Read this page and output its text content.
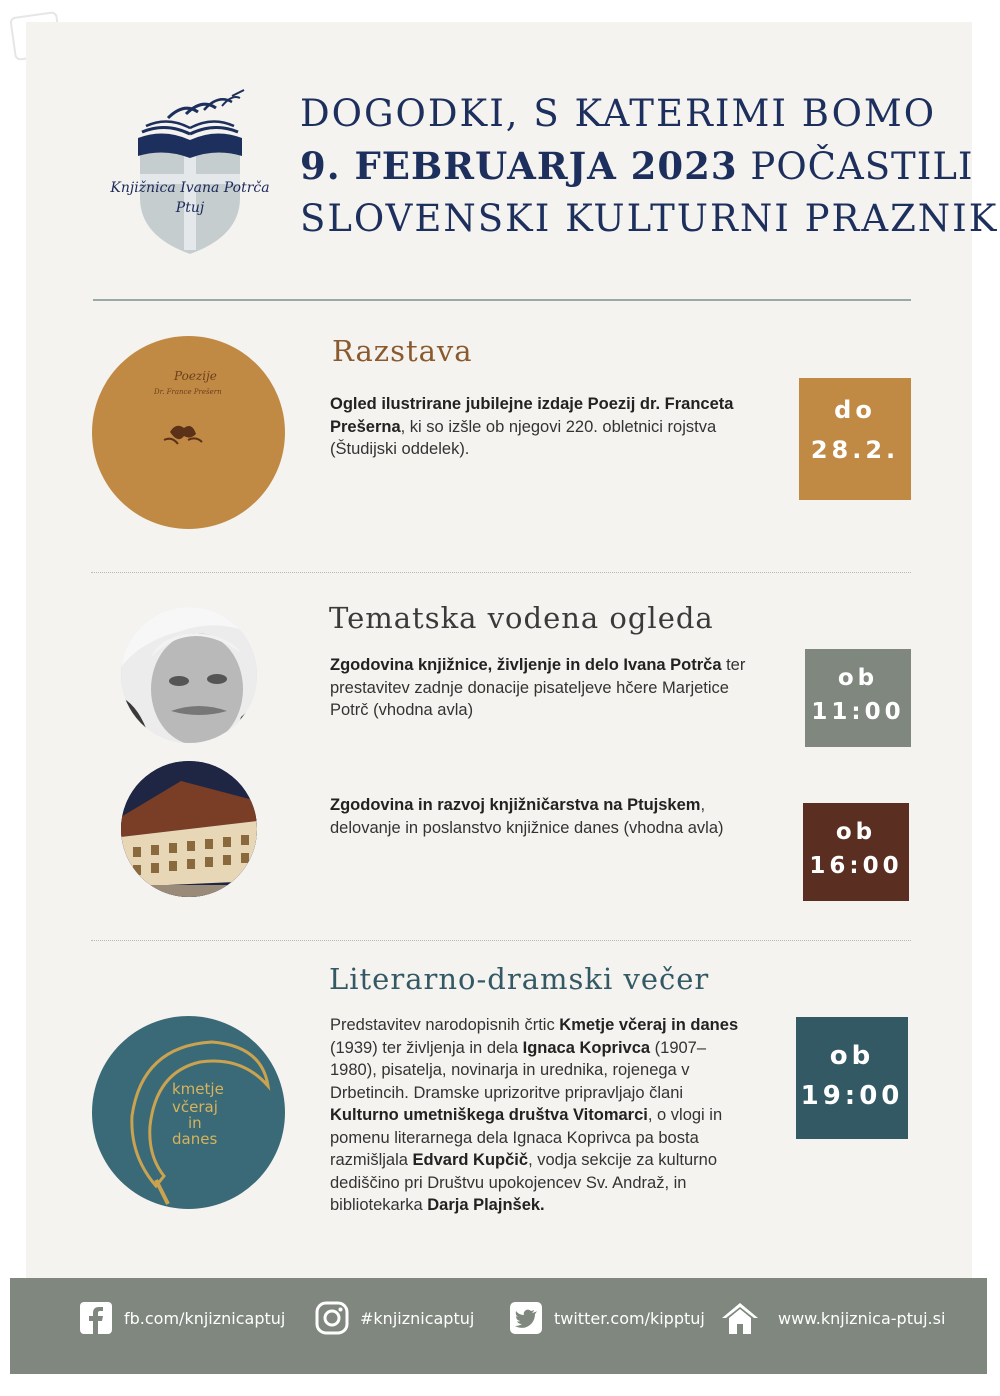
Knjižnica Ivana Potrča
Ptuj
DOGODKI, S KATERIMI BOMO
9. FEBRUARJA 2023 POČASTILI
SLOVENSKI KULTURNI PRAZNIK
Poezije
Dr. France Prešern
Razstava
Ogled ilustrirane jubilejne izdaje Poezij dr. Franceta Prešerna, ki so izšle ob njegovi 220. obletnici rojstva (Študijski oddelek).
do
28.2.
Tematska vodena ogleda
Zgodovina knjižnice, življenje in delo Ivana Potrča ter prestavitev zadnje donacije pisateljeve hčere Marjetice Potrč (vhodna avla)
ob
11:00
Zgodovina in razvoj knjižničarstva na Ptujskem, delovanje in poslanstvo knjižnice danes (vhodna avla)	ob
16:00
Literarno-dramski večer
kmetje
včeraj
in
danes
Predstavitev narodopisnih črtic Kmetje včeraj in danes (1939) ter življenja in dela Ignaca Koprivca (1907–1980), pisatelja, novinarja in urednika, rojenega v Drbetincih. Dramske uprizoritve pripravljajo člani Kulturno umetniškega društva Vitomarci, o vlogi in pomenu literarnega dela Ignaca Koprivca pa bosta razmišljala Edvard Kupčič, vodja sekcije za kulturno dediščino pri Društvu upokojencev Sv. Andraž, in bibliotekarka Darja Plajnšek.
ob
19:00
fb.com/knjiznicaptuj	#knjiznicaptuj	twitter.com/kipptuj	www.knjiznica-ptuj.si
